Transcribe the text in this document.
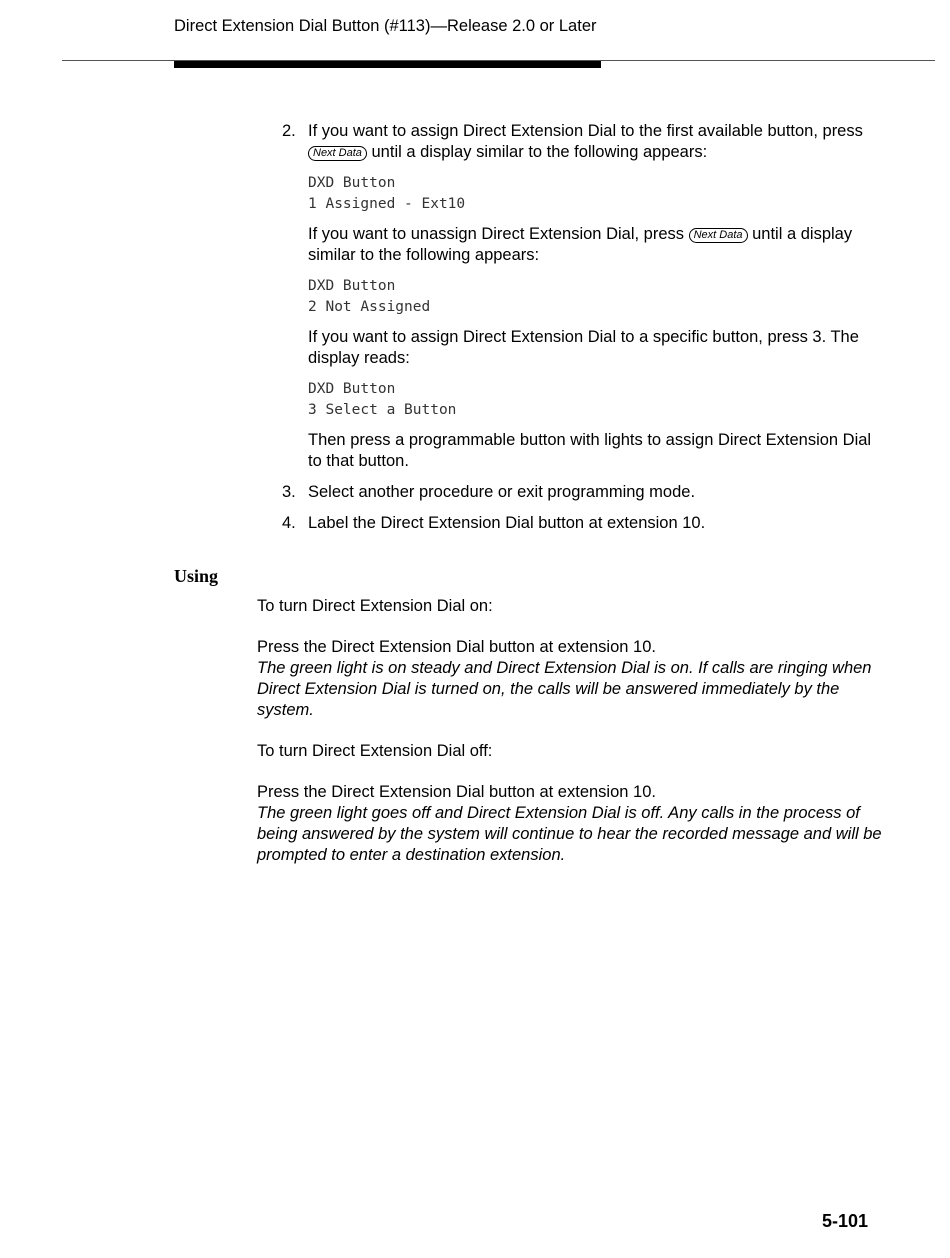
Direct Extension Dial Button (#113)—Release 2.0 or Later
2. If you want to assign Direct Extension Dial to the first available button, press Next Data until a display similar to the following appears:

DXD Button
1 Assigned - Ext10

If you want to unassign Direct Extension Dial, press Next Data until a display similar to the following appears:

DXD Button
2 Not Assigned

If you want to assign Direct Extension Dial to a specific button, press 3. The display reads:

DXD Button
3 Select a Button

Then press a programmable button with lights to assign Direct Extension Dial to that button.

3. Select another procedure or exit programming mode.

4. Label the Direct Extension Dial button at extension 10.

Using

To turn Direct Extension Dial on:

Press the Direct Extension Dial button at extension 10.

The green light is on steady and Direct Extension Dial is on. If calls are ringing when Direct Extension Dial is turned on, the calls will be answered immediately by the system.

To turn Direct Extension Dial off:

Press the Direct Extension Dial button at extension 10.

The green light goes off and Direct Extension Dial is off. Any calls in the process of being answered by the system will continue to hear the recorded message and will be prompted to enter a destination extension.

5-101
